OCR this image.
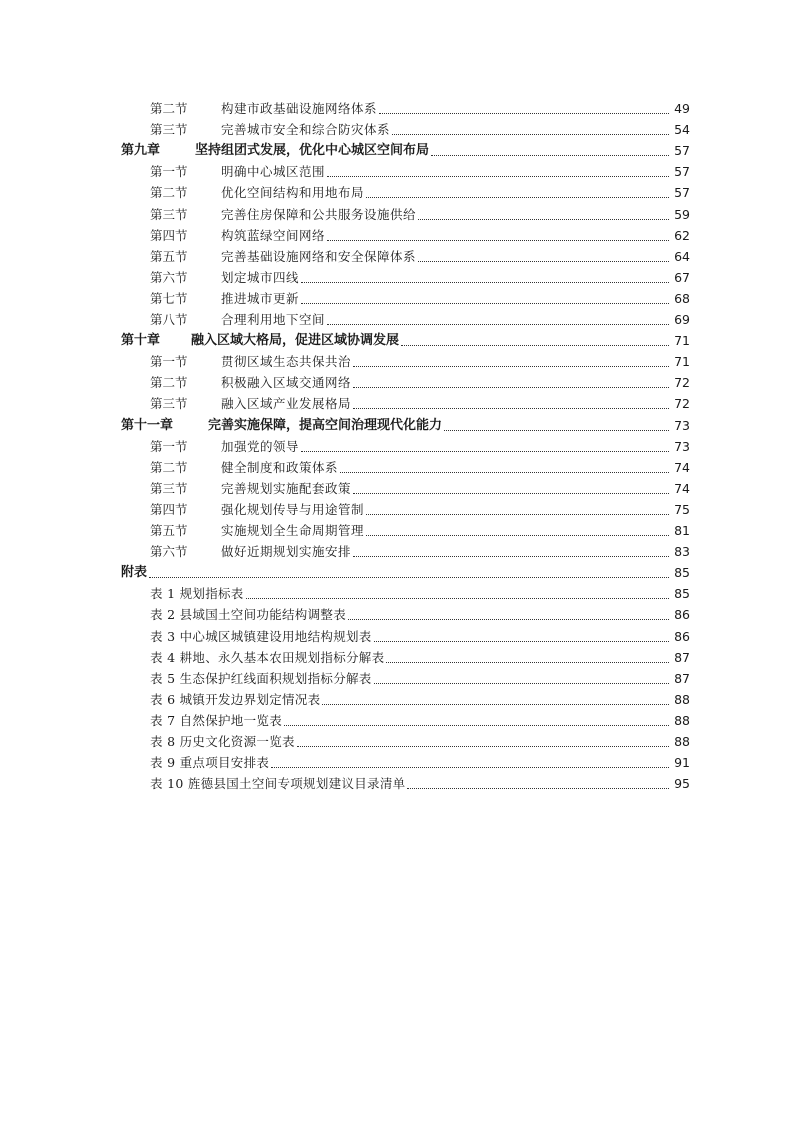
第二节	构建市政基础设施网络体系	49
第三节	完善城市安全和综合防灾体系	54
第九章	坚持组团式发展，优化中心城区空间布局	57
第一节	明确中心城区范围	57
第二节	优化空间结构和用地布局	57
第三节	完善住房保障和公共服务设施供给	59
第四节	构筑蓝绿空间网络	62
第五节	完善基础设施网络和安全保障体系	64
第六节	划定城市四线	67
第七节	推进城市更新	68
第八节	合理利用地下空间	69
第十章	融入区域大格局，促进区域协调发展	71
第一节	贯彻区域生态共保共治	71
第二节	积极融入区域交通网络	72
第三节	融入区域产业发展格局	72
第十一章	完善实施保障，提高空间治理现代化能力	73
第一节	加强党的领导	73
第二节	健全制度和政策体系	74
第三节	完善规划实施配套政策	74
第四节	强化规划传导与用途管制	75
第五节	实施规划全生命周期管理	81
第六节	做好近期规划实施安排	83
附表	85
表 1 规划指标表	85
表 2 县域国土空间功能结构调整表	86
表 3 中心城区城镇建设用地结构规划表	86
表 4 耕地、永久基本农田规划指标分解表	87
表 5 生态保护红线面积规划指标分解表	87
表 6 城镇开发边界划定情况表	88
表 7 自然保护地一览表	88
表 8 历史文化资源一览表	88
表 9 重点项目安排表	91
表 10 旌德县国土空间专项规划建议目录清单	95
